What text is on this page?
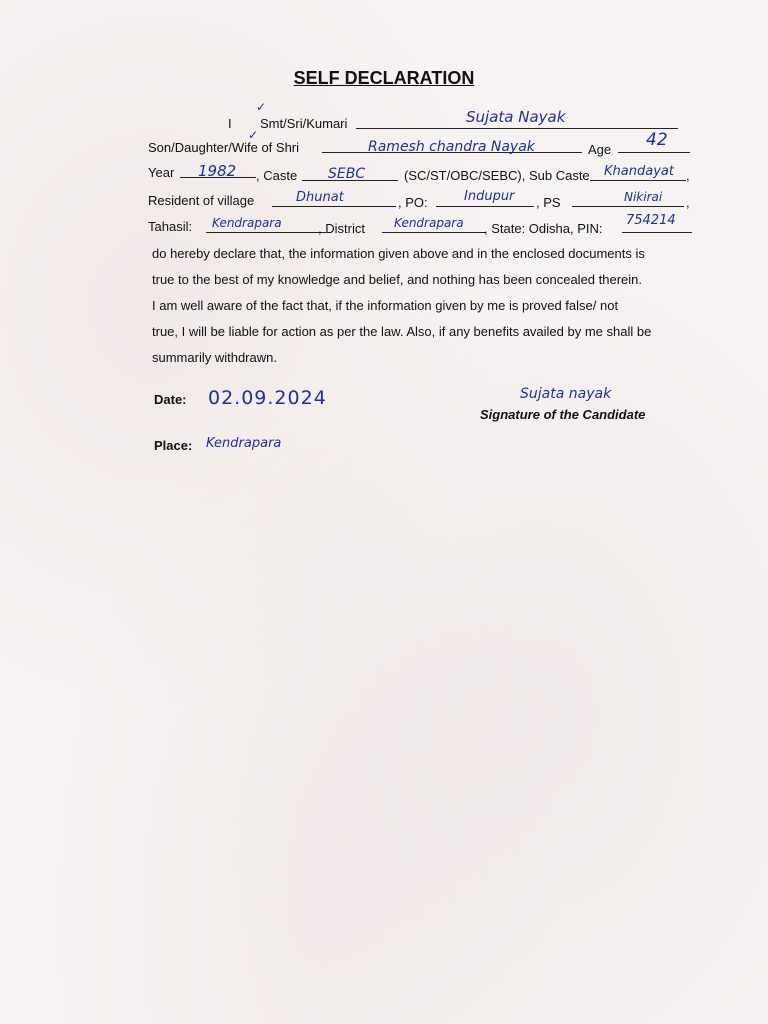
SELF DECLARATION
I
✓
Smt/Sri/Kumari	Sujata Nayak
✓
Son/Daughter/Wife of Shri	Ramesh chandra Nayak	Age 42
Year 1982 , Caste SEBC	(SC/ST/OBC/SEBC), Sub Caste Khandayat ,
Resident of village	Dhunat	, PO:	Indupur , PS	Nikirai ,
Tahasil: Kendrapara	, District Kendrapara , State: Odisha, PIN:
754214
do hereby declare that, the information given above and in the enclosed documents is
true to the best of my knowledge and belief, and nothing has been concealed therein.
I am well aware of the fact that, if the information given by me is proved false/ not
true, I will be liable for action as per the law. Also, if any benefits availed by me shall be
summarily withdrawn.
Date: 02.09.2024
Place: Kendrapara
Sujata nayak
Signature of the Candidate
